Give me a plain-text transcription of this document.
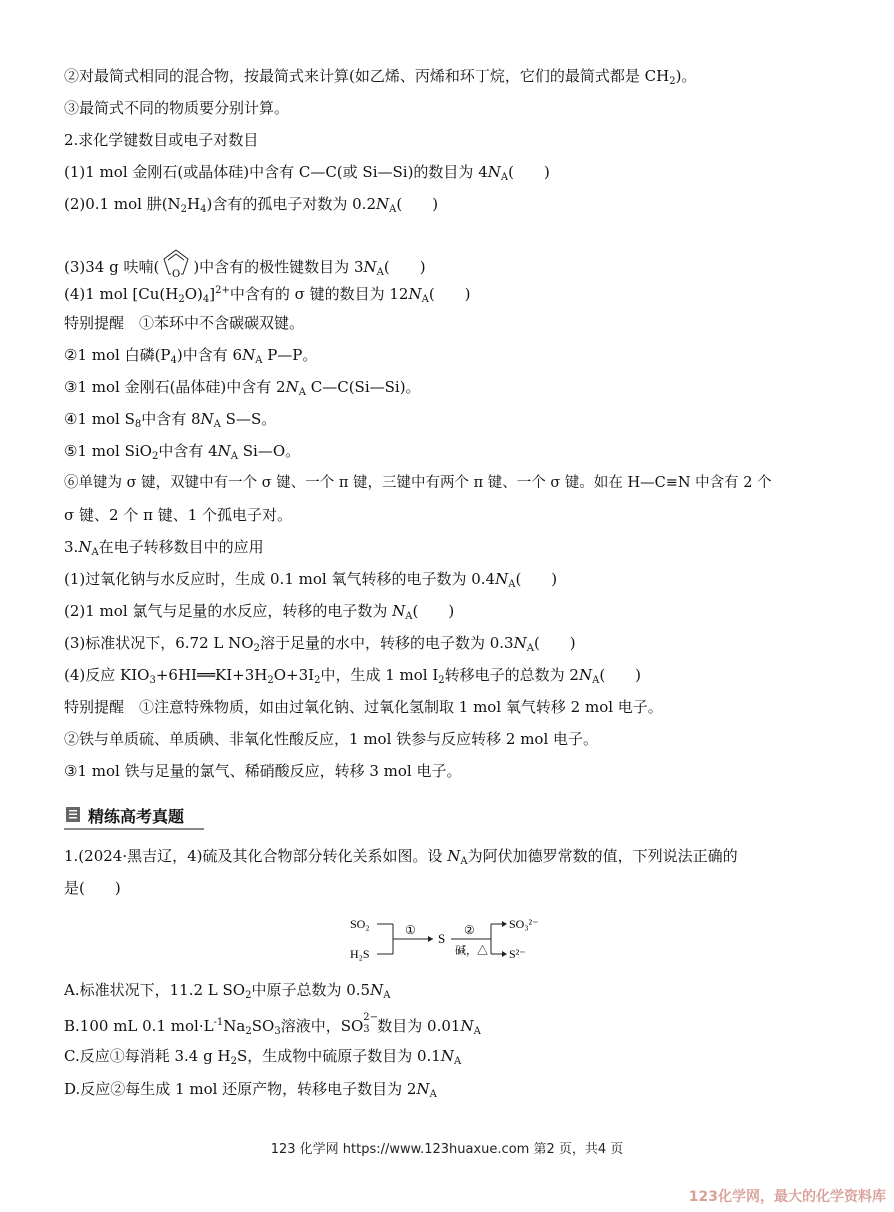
②对最简式相同的混合物，按最简式来计算(如乙烯、丙烯和环丁烷，它们的最简式都是 $CH_2$)。
③最简式不同的物质要分别计算。
2.求化学键数目或电子对数目
(1)1 mol 金刚石(或晶体硅)中含有 C—C(或 Si—Si)的数目为 $4N_A$(　　)
(2)0.1 mol 肼$(N_2H_4)$含有的孤电子对数为 $0.2N_A$(　　)
(3)34 g 呋喃( O )中含有的极性键数目为 $3N_A$(　　)
(4)1 mol $[Cu(H_2O)_4]^{2+}$中含有的 σ 键的数目为 $12N_A$(　　)
特别提醒　①苯环中不含碳碳双键。
②1 mol 白磷$(P_4)$中含有 $6N_A$ P—P。
③1 mol 金刚石(晶体硅)中含有 $2N_A$ C—C(Si—Si)。
④1 mol $S_8$中含有 $8N_A$ S—S。
⑤1 mol SiO$_2$中含有 $4N_A$ Si—O。
⑥单键为 σ 键，双键中有一个 σ 键、一个 π 键，三键中有两个 π 键、一个 σ 键。如在 H—C≡N 中含有 2 个
σ 键、2 个 π 键、1 个孤电子对。
$3.N_A$在电子转移数目中的应用
(1)过氧化钠与水反应时，生成 0.1 mol 氧气转移的电子数为 $0.4N_A$(　　)
(2)1 mol 氯气与足量的水反应，转移的电子数为 $N_A$(　　)
(3)标准状况下，6.72 L $NO_2$溶于足量的水中，转移的电子数为 $0.3N_A$(　　)
(4)反应 $KIO_3+6HI══KI+3H_2O+3I_2$中，生成 1 mol $I_2$转移电子的总数为 $2N_A$(　　)
特别提醒　①注意特殊物质，如由过氧化钠、过氧化氢制取 1 mol 氧气转移 2 mol 电子。
②铁与单质硫、单质碘、非氧化性酸反应，1 mol 铁参与反应转移 2 mol 电子。
③1 mol 铁与足量的氯气、稀硝酸反应，转移 3 mol 电子。
精练高考真题
1.(2024·黑吉辽，4)硫及其化合物部分转化关系如图。设 $N_A$为阿伏加德罗常数的值，下列说法正确的
是(　　)
SO₂
H₂S
①
S
②
碱，△
SO₃²⁻
S²⁻
A.标准状况下，11.2 L $SO_2$中原子总数为 $0.5N_A$
B.100 mL 0.1 $mol\cdot L^{-1}Na_2SO_3$溶液中，SO 2−
3 数目为 $0.01N_A$
C.反应①每消耗 3.4 g $H_2S$，生成物中硫原子数目为 $0.1N_A$
D.反应②每生成 1 mol 还原产物，转移电子数目为 $2N_A$
123 化学网 https://www.123huaxue.com 第2 页，共4 页
123化学网，最大的化学资料库
